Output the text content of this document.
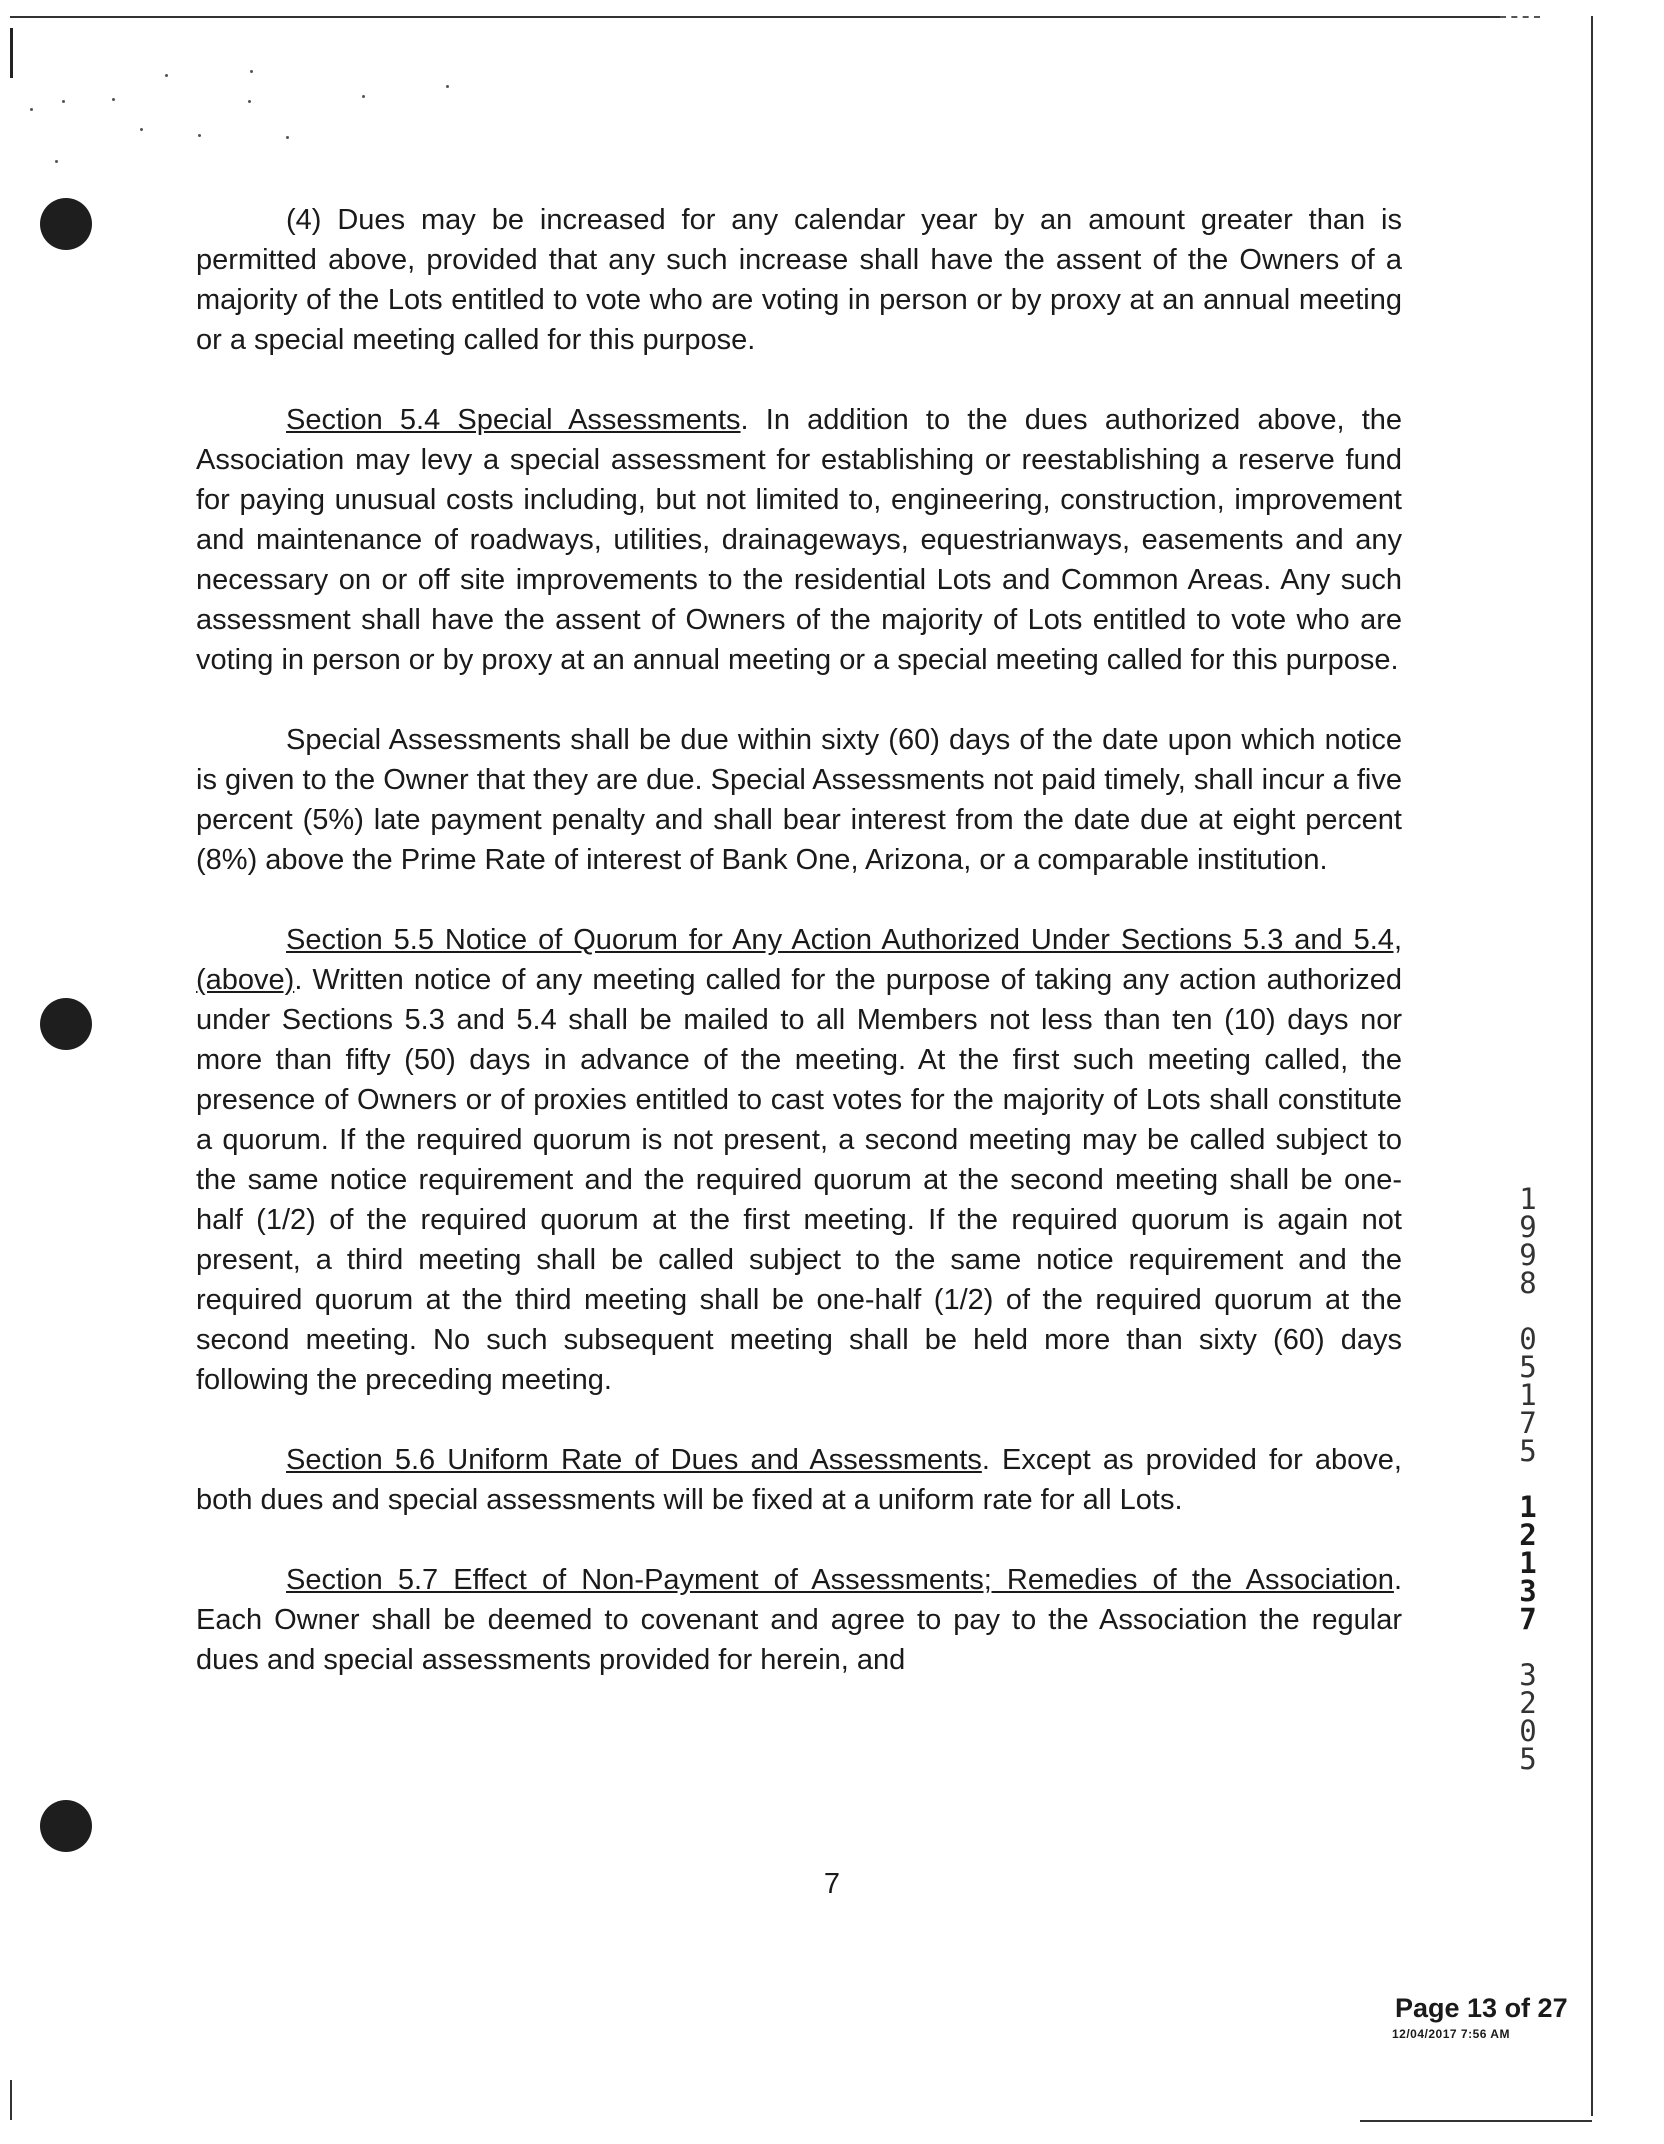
(4) Dues may be increased for any calendar year by an amount greater than is permitted above, provided that any such increase shall have the assent of the Owners of a majority of the Lots entitled to vote who are voting in person or by proxy at an annual meeting or a special meeting called for this purpose.

Section 5.4 Special Assessments. In addition to the dues authorized above, the Association may levy a special assessment for establishing or reestablishing a reserve fund for paying unusual costs including, but not limited to, engineering, construction, improvement and maintenance of roadways, utilities, drainageways, equestrianways, easements and any necessary on or off site improvements to the residential Lots and Common Areas. Any such assessment shall have the assent of Owners of the majority of Lots entitled to vote who are voting in person or by proxy at an annual meeting or a special meeting called for this purpose.

Special Assessments shall be due within sixty (60) days of the date upon which notice is given to the Owner that they are due. Special Assessments not paid timely, shall incur a five percent (5%) late payment penalty and shall bear interest from the date due at eight percent (8%) above the Prime Rate of interest of Bank One, Arizona, or a comparable institution.

Section 5.5 Notice of Quorum for Any Action Authorized Under Sections 5.3 and 5.4, (above). Written notice of any meeting called for the purpose of taking any action authorized under Sections 5.3 and 5.4 shall be mailed to all Members not less than ten (10) days nor more than fifty (50) days in advance of the meeting. At the first such meeting called, the presence of Owners or of proxies entitled to cast votes for the majority of Lots shall constitute a quorum. If the required quorum is not present, a second meeting may be called subject to the same notice requirement and the required quorum at the second meeting shall be one-half (1/2) of the required quorum at the first meeting. If the required quorum is again not present, a third meeting shall be called subject to the same notice requirement and the required quorum at the third meeting shall be one-half (1/2) of the required quorum at the second meeting. No such subsequent meeting shall be held more than sixty (60) days following the preceding meeting.

Section 5.6 Uniform Rate of Dues and Assessments. Except as provided for above, both dues and special assessments will be fixed at a uniform rate for all Lots.

Section 5.7 Effect of Non-Payment of Assessments; Remedies of the Association. Each Owner shall be deemed to covenant and agree to pay to the Association the regular dues and special assessments provided for herein, and

7
Page 13 of 27
12/04/2017 7:56 AM
1
9
9
8
0
5
1
7
5
1
2
1
3
7
3
2
0
5
